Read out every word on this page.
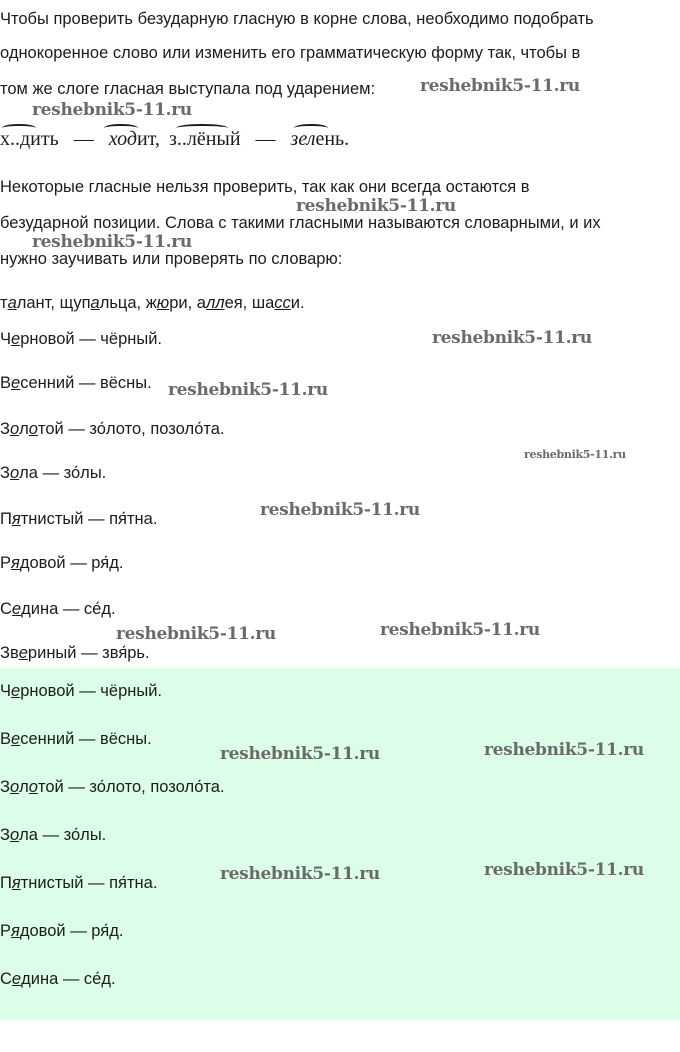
Чтобы проверить безударную гласную в корне слова, необходимо подобрать
однокоренное слово или изменить его грамматическую форму так, чтобы в
том же слоге гласная выступала под ударением:
х..дить — ходит, з..лёный — зелень.
Некоторые гласные нельзя проверить, так как они всегда остаются в
безударной позиции. Слова с такими гласными называются словарными, и их
нужно заучивать или проверять по словарю:
талант, щупальца, жюри, аллея, шасси.
Черновой — чёрный.
Весенний — вёсны.
Золотой — зо́лото, позоло́та.
Зола — зо́лы.
Пятнистый — пя́тна.
Рядовой — ря́д.
Седина — се́д.
Звериный — звя́рь.
Черновой — чёрный.
Весенний — вёсны.
Золотой — зо́лото, позоло́та.
Зола — зо́лы.
Пятнистый — пя́тна.
Рядовой — ря́д.
Седина — се́д.
reshebnik5-11.ru
reshebnik5-11.ru
reshebnik5-11.ru
reshebnik5-11.ru
reshebnik5-11.ru
reshebnik5-11.ru
reshebnik5-11.ru
reshebnik5-11.ru
reshebnik5-11.ru	reshebnik5-11.ru
reshebnik5-11.ru	reshebnik5-11.ru
reshebnik5-11.ru	reshebnik5-11.ru
